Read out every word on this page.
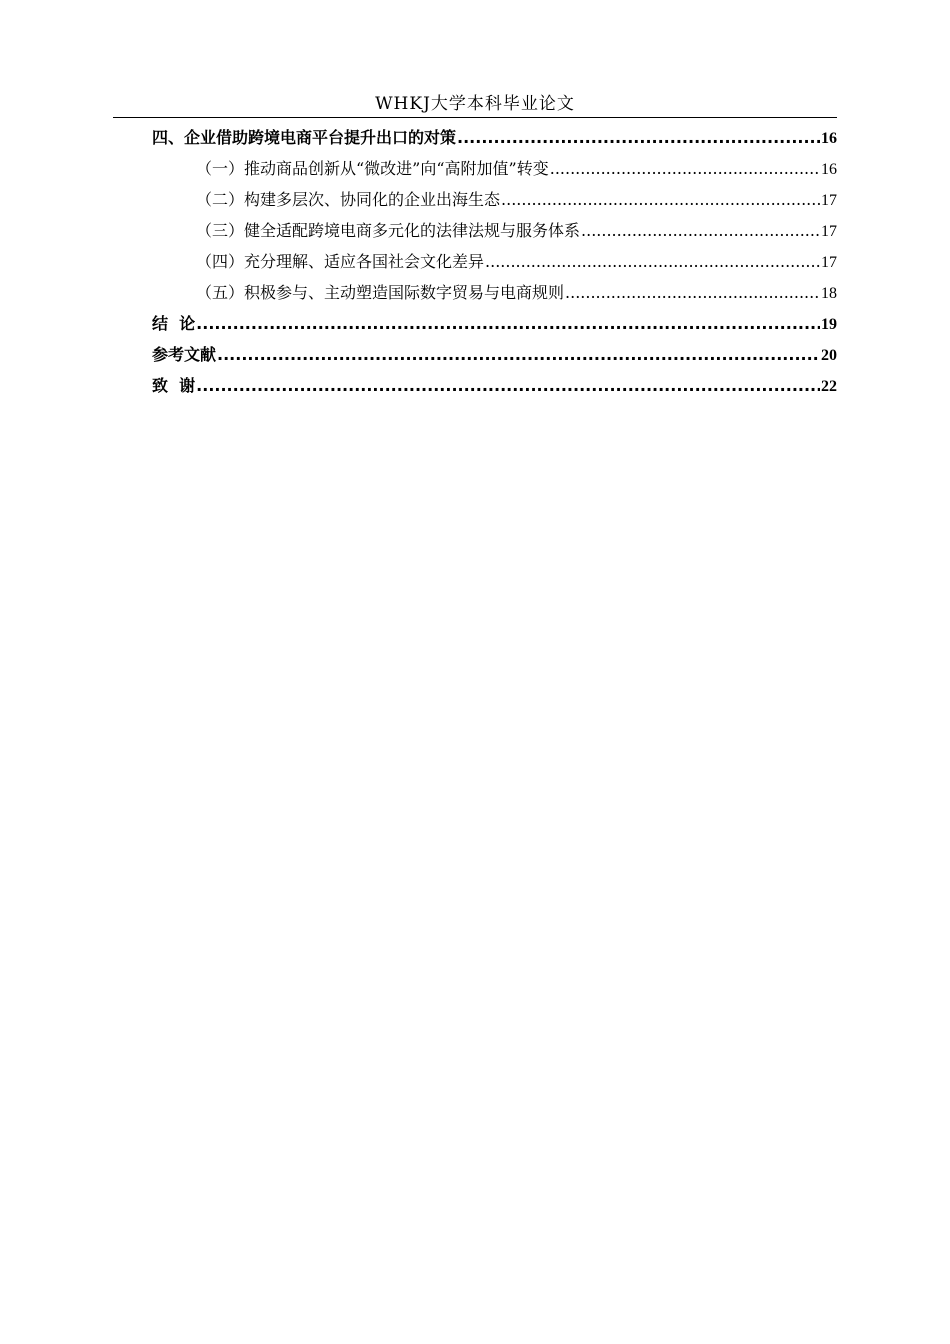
WHKJ大学本科毕业论文
四、企业借助跨境电商平台提升出口的对策 .....	16
（一）推动商品创新从“微改进”向“高附加值”转变 .....	16
（二）构建多层次、协同化的企业出海生态 .....	17
（三）健全适配跨境电商多元化的法律法规与服务体系 .....	17
（四）充分理解、适应各国社会文化差异 .....	17
（五）积极参与、主动塑造国际数字贸易与电商规则 .....	18
结  论 .....	19
参考文献 .....	20
致  谢 .....	22
